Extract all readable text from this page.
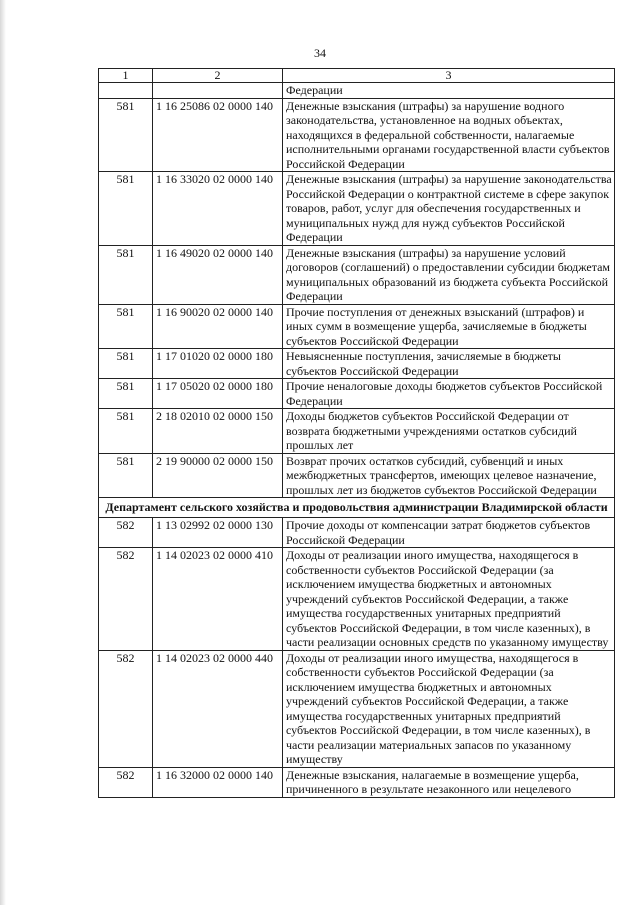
34
1	2	3
		Федерации
581	1 16 25086 02 0000 140	Денежные взыскания (штрафы) за нарушение водного законодательства, установленное на водных объектах, находящихся в федеральной собственности, налагаемые исполнительными органами государственной власти субъектов Российской Федерации
581	1 16 33020 02 0000 140	Денежные взыскания (штрафы) за нарушение законодательства Российской Федерации о контрактной системе в сфере закупок товаров, работ, услуг для обеспечения государственных и муниципальных нужд для нужд субъектов Российской Федерации
581	1 16 49020 02 0000 140	Денежные взыскания (штрафы) за нарушение условий договоров (соглашений) о предоставлении субсидии бюджетам муниципальных образований из бюджета субъекта Российской Федерации
581	1 16 90020 02 0000 140	Прочие поступления от денежных взысканий (штрафов) и иных сумм в возмещение ущерба, зачисляемые в бюджеты субъектов Российской Федерации
581	1 17 01020 02 0000 180	Невыясненные поступления, зачисляемые в бюджеты субъектов Российской Федерации
581	1 17 05020 02 0000 180	Прочие неналоговые доходы бюджетов субъектов Российской Федерации
581	2 18 02010 02 0000 150	Доходы бюджетов субъектов Российской Федерации от возврата бюджетными учреждениями остатков субсидий прошлых лет
581	2 19 90000 02 0000 150	Возврат прочих остатков субсидий, субвенций и иных межбюджетных трансфертов, имеющих целевое назначение, прошлых лет из бюджетов субъектов Российской Федерации
Департамент сельского хозяйства и продовольствия администрации Владимирской области		
582	1 13 02992 02 0000 130	Прочие доходы от компенсации затрат бюджетов субъектов Российской Федерации
582	1 14 02023 02 0000 410	Доходы от реализации иного имущества, находящегося в собственности субъектов Российской Федерации (за исключением имущества бюджетных и автономных учреждений субъектов Российской Федерации, а также имущества государственных унитарных предприятий субъектов Российской Федерации, в том числе казенных), в части реализации основных средств по указанному имуществу
582	1 14 02023 02 0000 440	Доходы от реализации иного имущества, находящегося в собственности субъектов Российской Федерации (за исключением имущества бюджетных и автономных учреждений субъектов Российской Федерации, а также имущества государственных унитарных предприятий субъектов Российской Федерации, в том числе казенных), в части реализации материальных запасов по указанному имуществу
582	1 16 32000 02 0000 140	Денежные взыскания, налагаемые в возмещение ущерба, причиненного в результате незаконного или нецелевого
